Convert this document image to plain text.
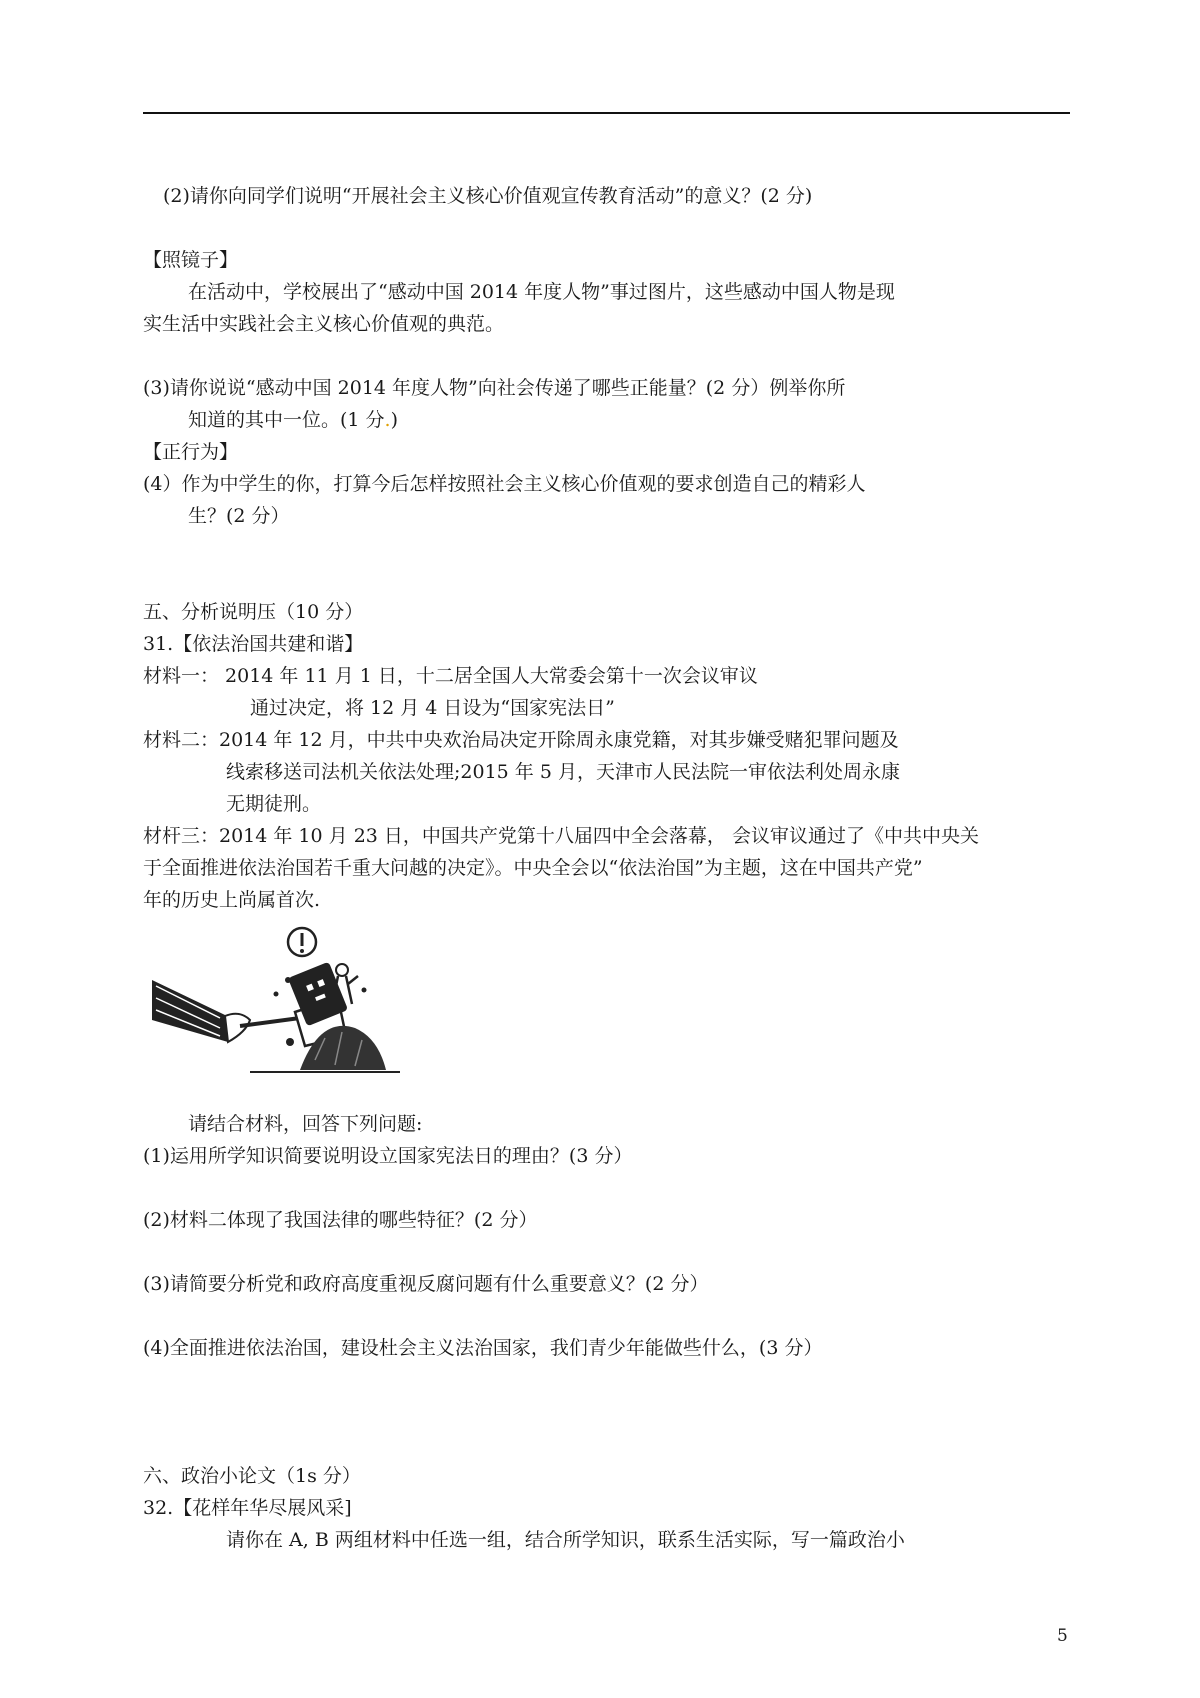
(2)请你向同学们说明“开展社会主义核心价值观宣传教育活动”的意义？(2 分)
【照镜子】
在活动中，学校展出了“感动中国 2014 年度人物”事过图片，这些感动中国人物是现
实生活中实践社会主义核心价值观的典范。
(3)请你说说“感动中国 2014 年度人物”向社会传递了哪些正能量？(2 分）例举你所
知道的其中一位。(1 分.)
【正行为】
(4）作为中学生的你，打算今后怎样按照社会主义核心价值观的要求创造自己的精彩人
生？(2 分）
五、分析说明压（10 分）
31.【依法治国共建和谐】
材料一： 2014 年 11 月 1 日，十二居全国人大常委会第十一次会议审议
通过决定，将 12 月 4 日设为“国家宪法日”
材料二：2014 年 12 月，中共中央欢治局决定开除周永康党籍，对其步嫌受赌犯罪问题及
线索移送司法机关依法处理;2015 年 5 月，天津市人民法院一审依法利处周永康
无期徒刑。
材杆三：2014 年 10 月 23 日，中国共产党第十八届四中全会落幕， 会议审议通过了《中共中央关
于全面推进依法治国若千重大问越的决定》。中央全会以“依法治国”为主题，这在中国共产党”
年的历史上尚属首次.
请结合材料，回答下列问题:
(1)运用所学知识简要说明设立国家宪法日的理由？(3 分）
(2)材料二体现了我国法律的哪些特征？(2 分）
(3)请简要分析党和政府高度重视反腐问题有什么重要意义？(2 分）
(4)全面推进依法治国，建设杜会主义法治国家，我们青少年能做些什么，(3 分）
六、政治小论文（1s 分）
32.【花样年华尽展风采]
请你在 A, B 两组材料中任选一组，结合所学知识，联系生活实际，写一篇政治小
5
